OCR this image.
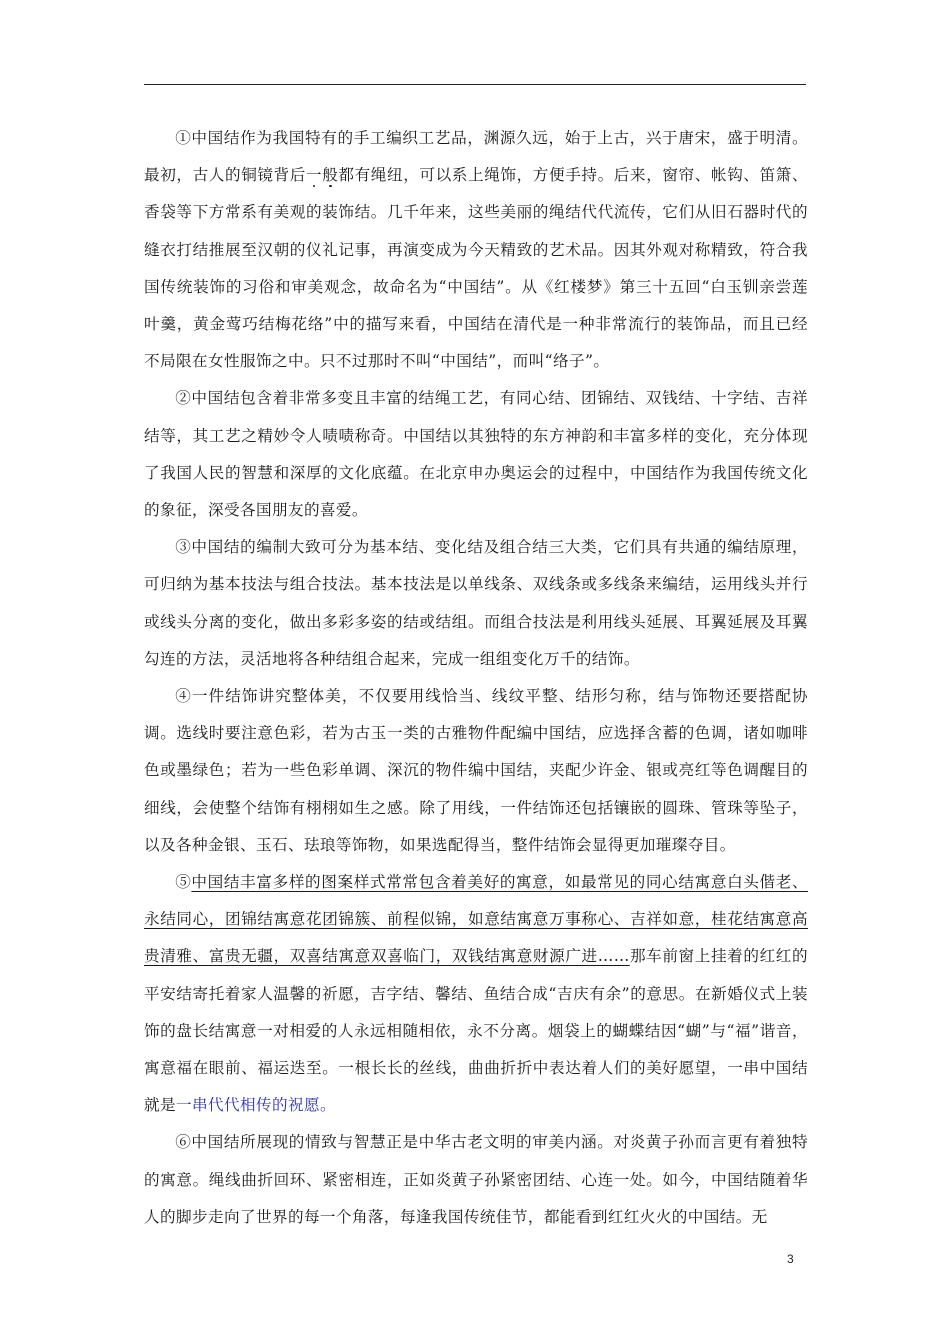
①中国结作为我国特有的手工编织工艺品，渊源久远，始于上古，兴于唐宋，盛于明清。最初，古人的铜镜背后一般都有绳纽，可以系上绳饰，方便手持。后来，窗帘、帐钩、笛箫、香袋等下方常系有美观的装饰结。几千年来，这些美丽的绳结代代流传，它们从旧石器时代的缝衣打结推展至汉朝的仪礼记事，再演变成为今天精致的艺术品。因其外观对称精致，符合我国传统装饰的习俗和审美观念，故命名为“中国结”。从《红楼梦》第三十五回“白玉钏亲尝莲叶羹，黄金莺巧结梅花络”中的描写来看，中国结在清代是一种非常流行的装饰品，而且已经不局限在女性服饰之中。只不过那时不叫“中国结”，而叫“络子”。

②中国结包含着非常多变且丰富的结绳工艺，有同心结、团锦结、双钱结、十字结、吉祥结等，其工艺之精妙令人啧啧称奇。中国结以其独特的东方神韵和丰富多样的变化，充分体现了我国人民的智慧和深厚的文化底蕴。在北京申办奥运会的过程中，中国结作为我国传统文化的象征，深受各国朋友的喜爱。

③中国结的编制大致可分为基本结、变化结及组合结三大类，它们具有共通的编结原理，可归纳为基本技法与组合技法。基本技法是以单线条、双线条或多线条来编结，运用线头并行或线头分离的变化，做出多彩多姿的结或结组。而组合技法是利用线头延展、耳翼延展及耳翼勾连的方法，灵活地将各种结组合起来，完成一组组变化万千的结饰。

④一件结饰讲究整体美，不仅要用线恰当、线纹平整、结形匀称，结与饰物还要搭配协调。选线时要注意色彩，若为古玉一类的古雅物件配编中国结，应选择含蓄的色调，诸如咖啡色或墨绿色；若为一些色彩单调、深沉的物件编中国结，夹配少许金、银或亮红等色调醒目的细线，会使整个结饰有栩栩如生之感。除了用线，一件结饰还包括镶嵌的圆珠、管珠等坠子，以及各种金银、玉石、珐琅等饰物，如果选配得当，整件结饰会显得更加璀璨夺目。

⑤中国结丰富多样的图案样式常常包含着美好的寓意，如最常见的同心结寓意白头偕老、永结同心，团锦结寓意花团锦簇、前程似锦，如意结寓意万事称心、吉祥如意，桂花结寓意高贵清雅、富贵无疆，双喜结寓意双喜临门，双钱结寓意财源广进……那车前窗上挂着的红红的平安结寄托着家人温馨的祈愿，吉字结、馨结、鱼结合成“吉庆有余”的意思。在新婚仪式上装饰的盘长结寓意一对相爱的人永远相随相依，永不分离。烟袋上的蝴蝶结因“蝴”与“福”谐音，寓意福在眼前、福运迭至。一根长长的丝线，曲曲折折中表达着人们的美好愿望，一串中国结就是一串代代相传的祝愿。

⑥中国结所展现的情致与智慧正是中华古老文明的审美内涵。对炎黄子孙而言更有着独特的寓意。绳线曲折回环、紧密相连，正如炎黄子孙紧密团结、心连一处。如今，中国结随着华人的脚步走向了世界的每一个角落，每逢我国传统佳节，都能看到红红火火的中国结。无

3
